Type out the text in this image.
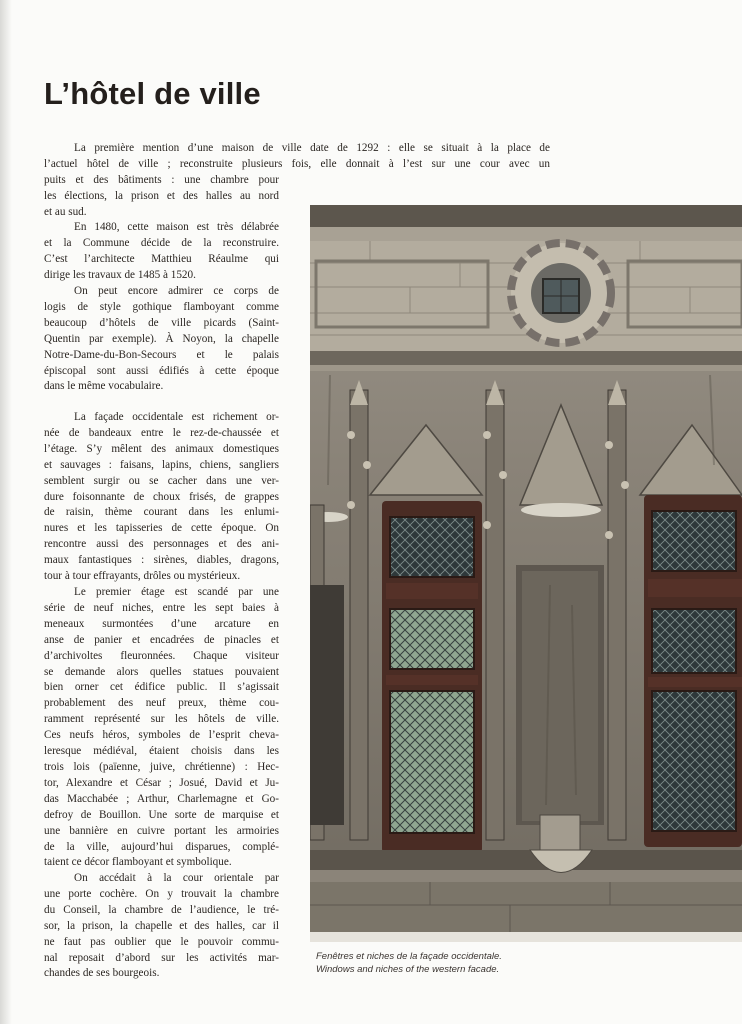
L’hôtel de ville
La première mention d’une maison de ville date de 1292 : elle se situait à la place de
l’actuel hôtel de ville ; reconstruite plusieurs fois, elle donnait à l’est sur une cour avec un
puits et des bâtiments : une chambre pour
les élections, la prison et des halles au nord
et au sud.
En 1480, cette maison est très délabrée
et la Commune décide de la reconstruire.
C’est l’architecte Matthieu Réaulme qui
dirige les travaux de 1485 à 1520.
On peut encore admirer ce corps de
logis de style gothique flamboyant comme
beaucoup d’hôtels de ville picards (Saint-
Quentin par exemple). À Noyon, la chapelle
Notre-Dame-du-Bon-Secours et le palais
épiscopal sont aussi édifiés à cette époque
dans le même vocabulaire.
La façade occidentale est richement or-
née de bandeaux entre le rez-de-chaussée et
l’étage. S’y mêlent des animaux domestiques
et sauvages : faisans, lapins, chiens, sangliers
semblent surgir ou se cacher dans une ver-
dure foisonnante de choux frisés, de grappes
de raisin, thème courant dans les enlumi-
nures et les tapisseries de cette époque. On
rencontre aussi des personnages et des ani-
maux fantastiques : sirènes, diables, dragons,
tour à tour effrayants, drôles ou mystérieux.
Le premier étage est scandé par une
série de neuf niches, entre les sept baies à
meneaux surmontées d’une arcature en
anse de panier et encadrées de pinacles et
d’archivoltes fleuronnées. Chaque visiteur
se demande alors quelles statues pouvaient
bien orner cet édifice public. Il s’agissait
probablement des neuf preux, thème cou-
ramment représenté sur les hôtels de ville.
Ces neufs héros, symboles de l’esprit cheva-
leresque médiéval, étaient choisis dans les
trois lois (païenne, juive, chrétienne) : Hec-
tor, Alexandre et César ; Josué, David et Ju-
das Macchabée ; Arthur, Charlemagne et Go-
defroy de Bouillon. Une sorte de marquise et
une bannière en cuivre portant les armoiries
de la ville, aujourd’hui disparues, complé-
taient ce décor flamboyant et symbolique.
On accédait à la cour orientale par
une porte cochère. On y trouvait la chambre
du Conseil, la chambre de l’audience, le tré-
sor, la prison, la chapelle et des halles, car il
ne faut pas oublier que le pouvoir commu-
nal reposait d’abord sur les activités mar-
chandes de ses bourgeois.

Fenêtres et niches de la façade occidentale.
Windows and niches of the western facade.
